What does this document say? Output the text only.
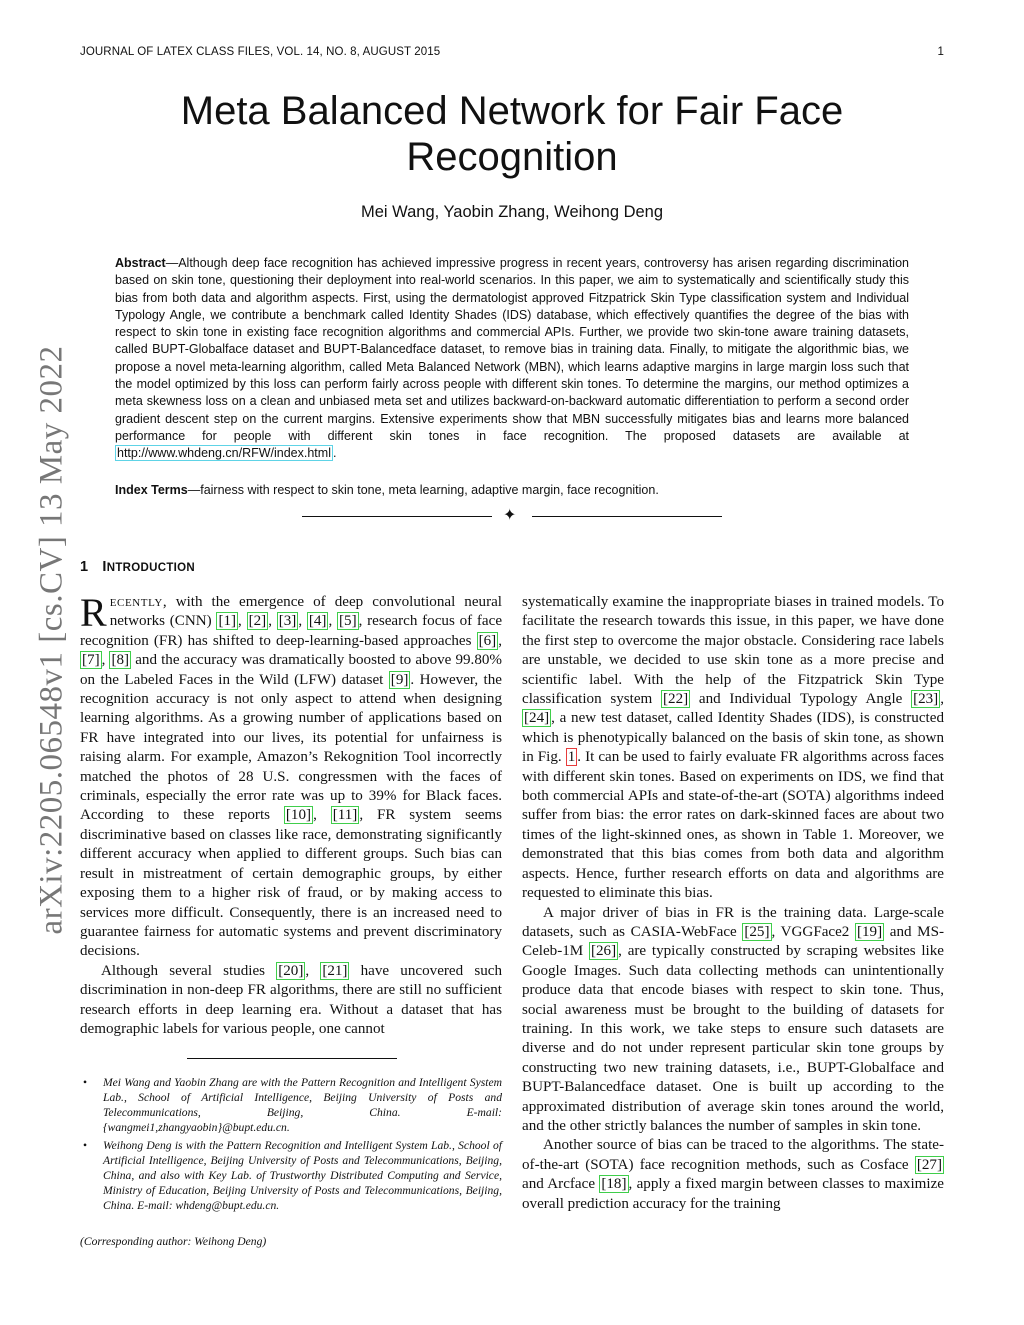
JOURNAL OF LATEX CLASS FILES, VOL. 14, NO. 8, AUGUST 2015	1
arXiv:2205.06548v1 [cs.CV] 13 May 2022
Meta Balanced Network for Fair Face Recognition
Mei Wang, Yaobin Zhang, Weihong Deng
Abstract—Although deep face recognition has achieved impressive progress in recent years, controversy has arisen regarding discrimination based on skin tone, questioning their deployment into real-world scenarios. In this paper, we aim to systematically and scientifically study this bias from both data and algorithm aspects. First, using the dermatologist approved Fitzpatrick Skin Type classification system and Individual Typology Angle, we contribute a benchmark called Identity Shades (IDS) database, which effectively quantifies the degree of the bias with respect to skin tone in existing face recognition algorithms and commercial APIs. Further, we provide two skin-tone aware training datasets, called BUPT-Globalface dataset and BUPT-Balancedface dataset, to remove bias in training data. Finally, to mitigate the algorithmic bias, we propose a novel meta-learning algorithm, called Meta Balanced Network (MBN), which learns adaptive margins in large margin loss such that the model optimized by this loss can perform fairly across people with different skin tones. To determine the margins, our method optimizes a meta skewness loss on a clean and unbiased meta set and utilizes backward-on-backward automatic differentiation to perform a second order gradient descent step on the current margins. Extensive experiments show that MBN successfully mitigates bias and learns more balanced performance for people with different skin tones in face recognition. The proposed datasets are available at http://www.whdeng.cn/RFW/index.html .
Index Terms—fairness with respect to skin tone, meta learning, adaptive margin, face recognition.
✦
1 INTRODUCTION

Recently, with the emergence of deep convolutional neural networks (CNN) [1] , [2] , [3] , [4] , [5] , research focus of face recognition (FR) has shifted to deep-learning-based approaches [6] , [7] , [8] and the accuracy was dramatically boosted to above 99.80% on the Labeled Faces in the Wild (LFW) dataset [9] . However, the recognition accuracy is not only aspect to attend when designing learning algorithms. As a growing number of applications based on FR have integrated into our lives, its potential for unfairness is raising alarm. For example, Amazon’s Rekognition Tool incorrectly matched the photos of 28 U.S. congressmen with the faces of criminals, especially the error rate was up to 39% for Black faces. According to these reports [10] , [11] , FR system seems discriminative based on classes like race, demonstrating significantly different accuracy when applied to different groups. Such bias can result in mistreatment of certain demographic groups, by either exposing them to a higher risk of fraud, or by making access to services more difficult. Consequently, there is an increased need to guarantee fairness for automatic systems and prevent discriminatory decisions.

Although several studies [20] , [21] have uncovered such discrimination in non-deep FR algorithms, there are still no sufficient research efforts in deep learning era. Without a dataset that has demographic labels for various people, one cannot

systematically examine the inappropriate biases in trained models. To facilitate the research towards this issue, in this paper, we have done the first step to overcome the major obstacle. Considering race labels are unstable, we decided to use skin tone as a more precise and scientific label. With the help of the Fitzpatrick Skin Type classification system [22] and Individual Typology Angle [23] , [24] , a new test dataset, called Identity Shades (IDS), is constructed which is phenotypically balanced on the basis of skin tone, as shown in Fig. 1 . It can be used to fairly evaluate FR algorithms across faces with different skin tones. Based on experiments on IDS, we find that both commercial APIs and state-of-the-art (SOTA) algorithms indeed suffer from bias: the error rates on dark-skinned faces are about two times of the light-skinned ones, as shown in Table 1. Moreover, we demonstrated that this bias comes from both data and algorithm aspects. Hence, further research efforts on data and algorithms are requested to eliminate this bias.

A major driver of bias in FR is the training data. Large-scale datasets, such as CASIA-WebFace [25] , VGGFace2 [19] and MS-Celeb-1M [26] , are typically constructed by scraping websites like Google Images. Such data collecting methods can unintentionally produce data that encode biases with respect to skin tone. Thus, social awareness must be brought to the building of datasets for training. In this work, we take steps to ensure such datasets are diverse and do not under represent particular skin tone groups by constructing two new training datasets, i.e., BUPT-Globalface and BUPT-Balancedface dataset. One is built up according to the approximated distribution of average skin tones around the world, and the other strictly balances the number of samples in skin tone.

Another source of bias can be traced to the algorithms. The state-of-the-art (SOTA) face recognition methods, such as Cosface [27] and Arcface [18] , apply a fixed margin between classes to maximize overall prediction accuracy for the training

• Mei Wang and Yaobin Zhang are with the Pattern Recognition and Intelligent System Lab., School of Artificial Intelligence, Beijing University of Posts and Telecommunications, Beijing, China. E-mail: {wangmei1,zhangyaobin}@bupt.edu.cn.

• Weihong Deng is with the Pattern Recognition and Intelligent System Lab., School of Artificial Intelligence, Beijing University of Posts and Telecommunications, Beijing, China, and also with Key Lab. of Trustworthy Distributed Computing and Service, Ministry of Education, Beijing University of Posts and Telecommunications, Beijing, China. E-mail: whdeng@bupt.edu.cn.

(Corresponding author: Weihong Deng)
